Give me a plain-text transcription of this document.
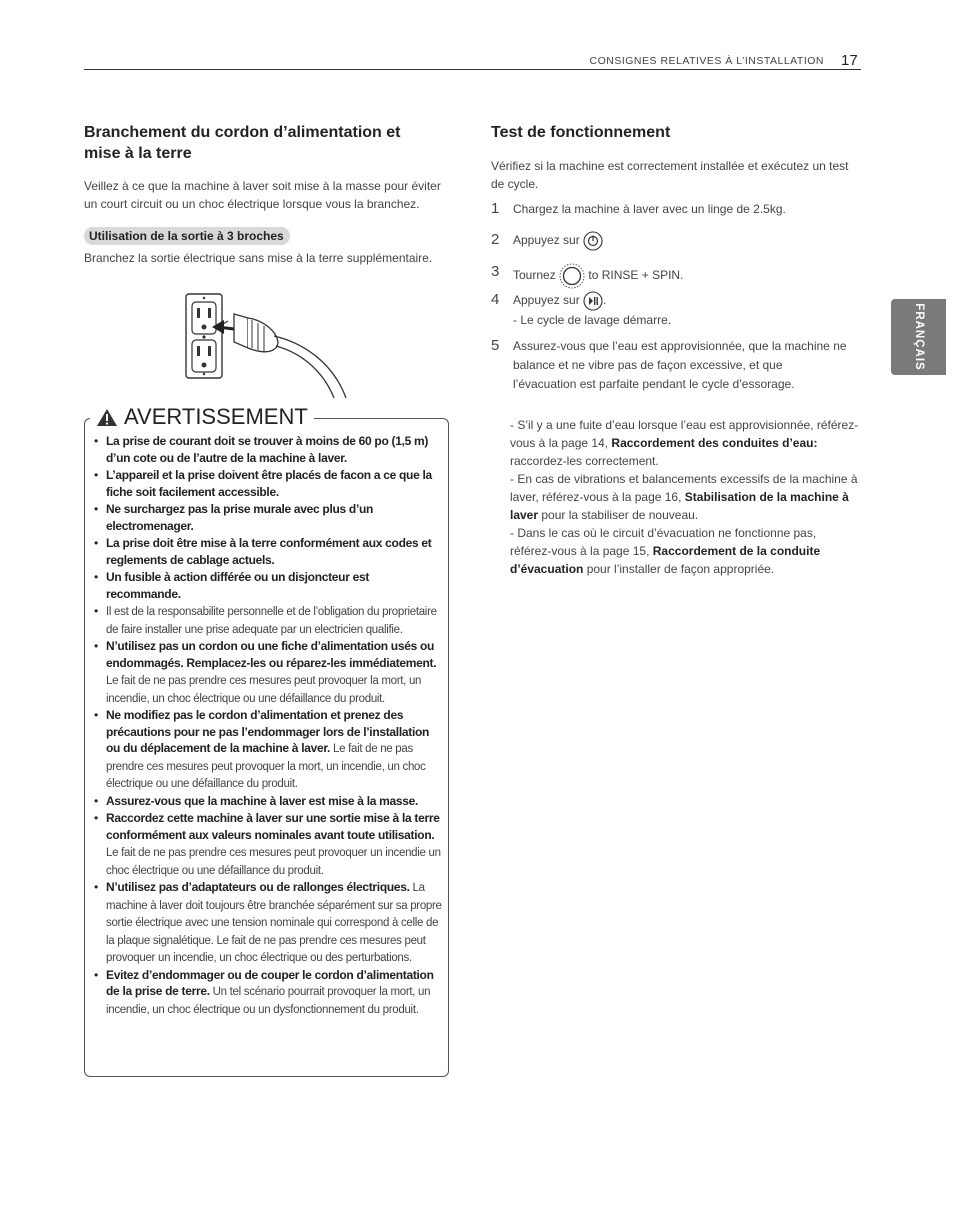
CONSIGNES RELATIVES À L’INSTALLATION 17
FRANÇAIS

Branchement du cordon d’alimentation et

mise à la terre

Veillez à ce que la machine à laver soit mise à la masse pour éviter un court circuit ou un choc électrique lorsque vous la branchez.

Utilisation de la sortie à 3 broches

Branchez la sortie électrique sans mise à la terre supplémentaire.

AVERTISSEMENT
• La prise de courant doit se trouver à moins de 60 po (1,5 m) d’un cote ou de l’autre de la machine à laver.
• L’appareil et la prise doivent être placés de facon a ce que la fiche soit facilement accessible.
• Ne surchargez pas la prise murale avec plus d’un electromenager.
• La prise doit être mise à la terre conformément aux codes et reglements de cablage actuels.
• Un fusible à action différée ou un disjoncteur est recommande.
• Il est de la responsabilite personnelle et de l’obligation du proprietaire de faire installer une prise adequate par un electricien qualifie.
• N’utilisez pas un cordon ou une fiche d’alimentation usés ou endommagés. Remplacez-les ou réparez-les immédiatement. Le fait de ne pas prendre ces mesures peut provoquer la mort, un incendie, un choc électrique ou une défaillance du produit.
• Ne modifiez pas le cordon d’alimentation et prenez des précautions pour ne pas l’endommager lors de l’installation ou du déplacement de la machine à laver. Le fait de ne pas prendre ces mesures peut provoquer la mort, un incendie, un choc électrique ou une défaillance du produit.
• Assurez-vous que la machine à laver est mise à la masse.
• Raccordez cette machine à laver sur une sortie mise à la terre conformément aux valeurs nominales avant toute utilisation. Le fait de ne pas prendre ces mesures peut provoquer un incendie un choc électrique ou une défaillance du produit.
• N’utilisez pas d’adaptateurs ou de rallonges électriques. La machine à laver doit toujours être branchée séparément sur sa propre sortie électrique avec une tension nominale qui correspond à celle de la plaque signalétique. Le fait de ne pas prendre ces mesures peut provoquer un incendie, un choc électrique ou des perturbations.
• Evitez d’endommager ou de couper le cordon d’alimentation de la prise de terre. Un tel scénario pourrait provoquer la mort, un incendie, un choc électrique ou un dysfonctionnement du produit.

Test de fonctionnement

Vérifiez si la machine est correctement installée et exécutez un test de cycle.

1 Chargez la machine à laver avec un linge de 2.5kg.
2 Appuyez sur
3 Tournez	to RINSE + SPIN.
4 Appuyez sur .
- Le cycle de lavage démarre.
5 Assurez-vous que l’eau est approvisionnée, que la machine ne balance et ne vibre pas de façon excessive, et que l’évacuation est parfaite pendant le cycle d’essorage.
- S’il y a une fuite d’eau lorsque l’eau est approvisionnée, référez-vous à la page 14, Raccordement des conduites d’eau: raccordez-les correctement.
- En cas de vibrations et balancements excessifs de la machine à laver, référez-vous à la page 16, Stabilisation de la machine à laver pour la stabiliser de nouveau.
- Dans le cas où le circuit d’évacuation ne fonctionne pas, référez-vous à la page 15, Raccordement de la conduite d’évacuation pour l’installer de façon appropriée.
